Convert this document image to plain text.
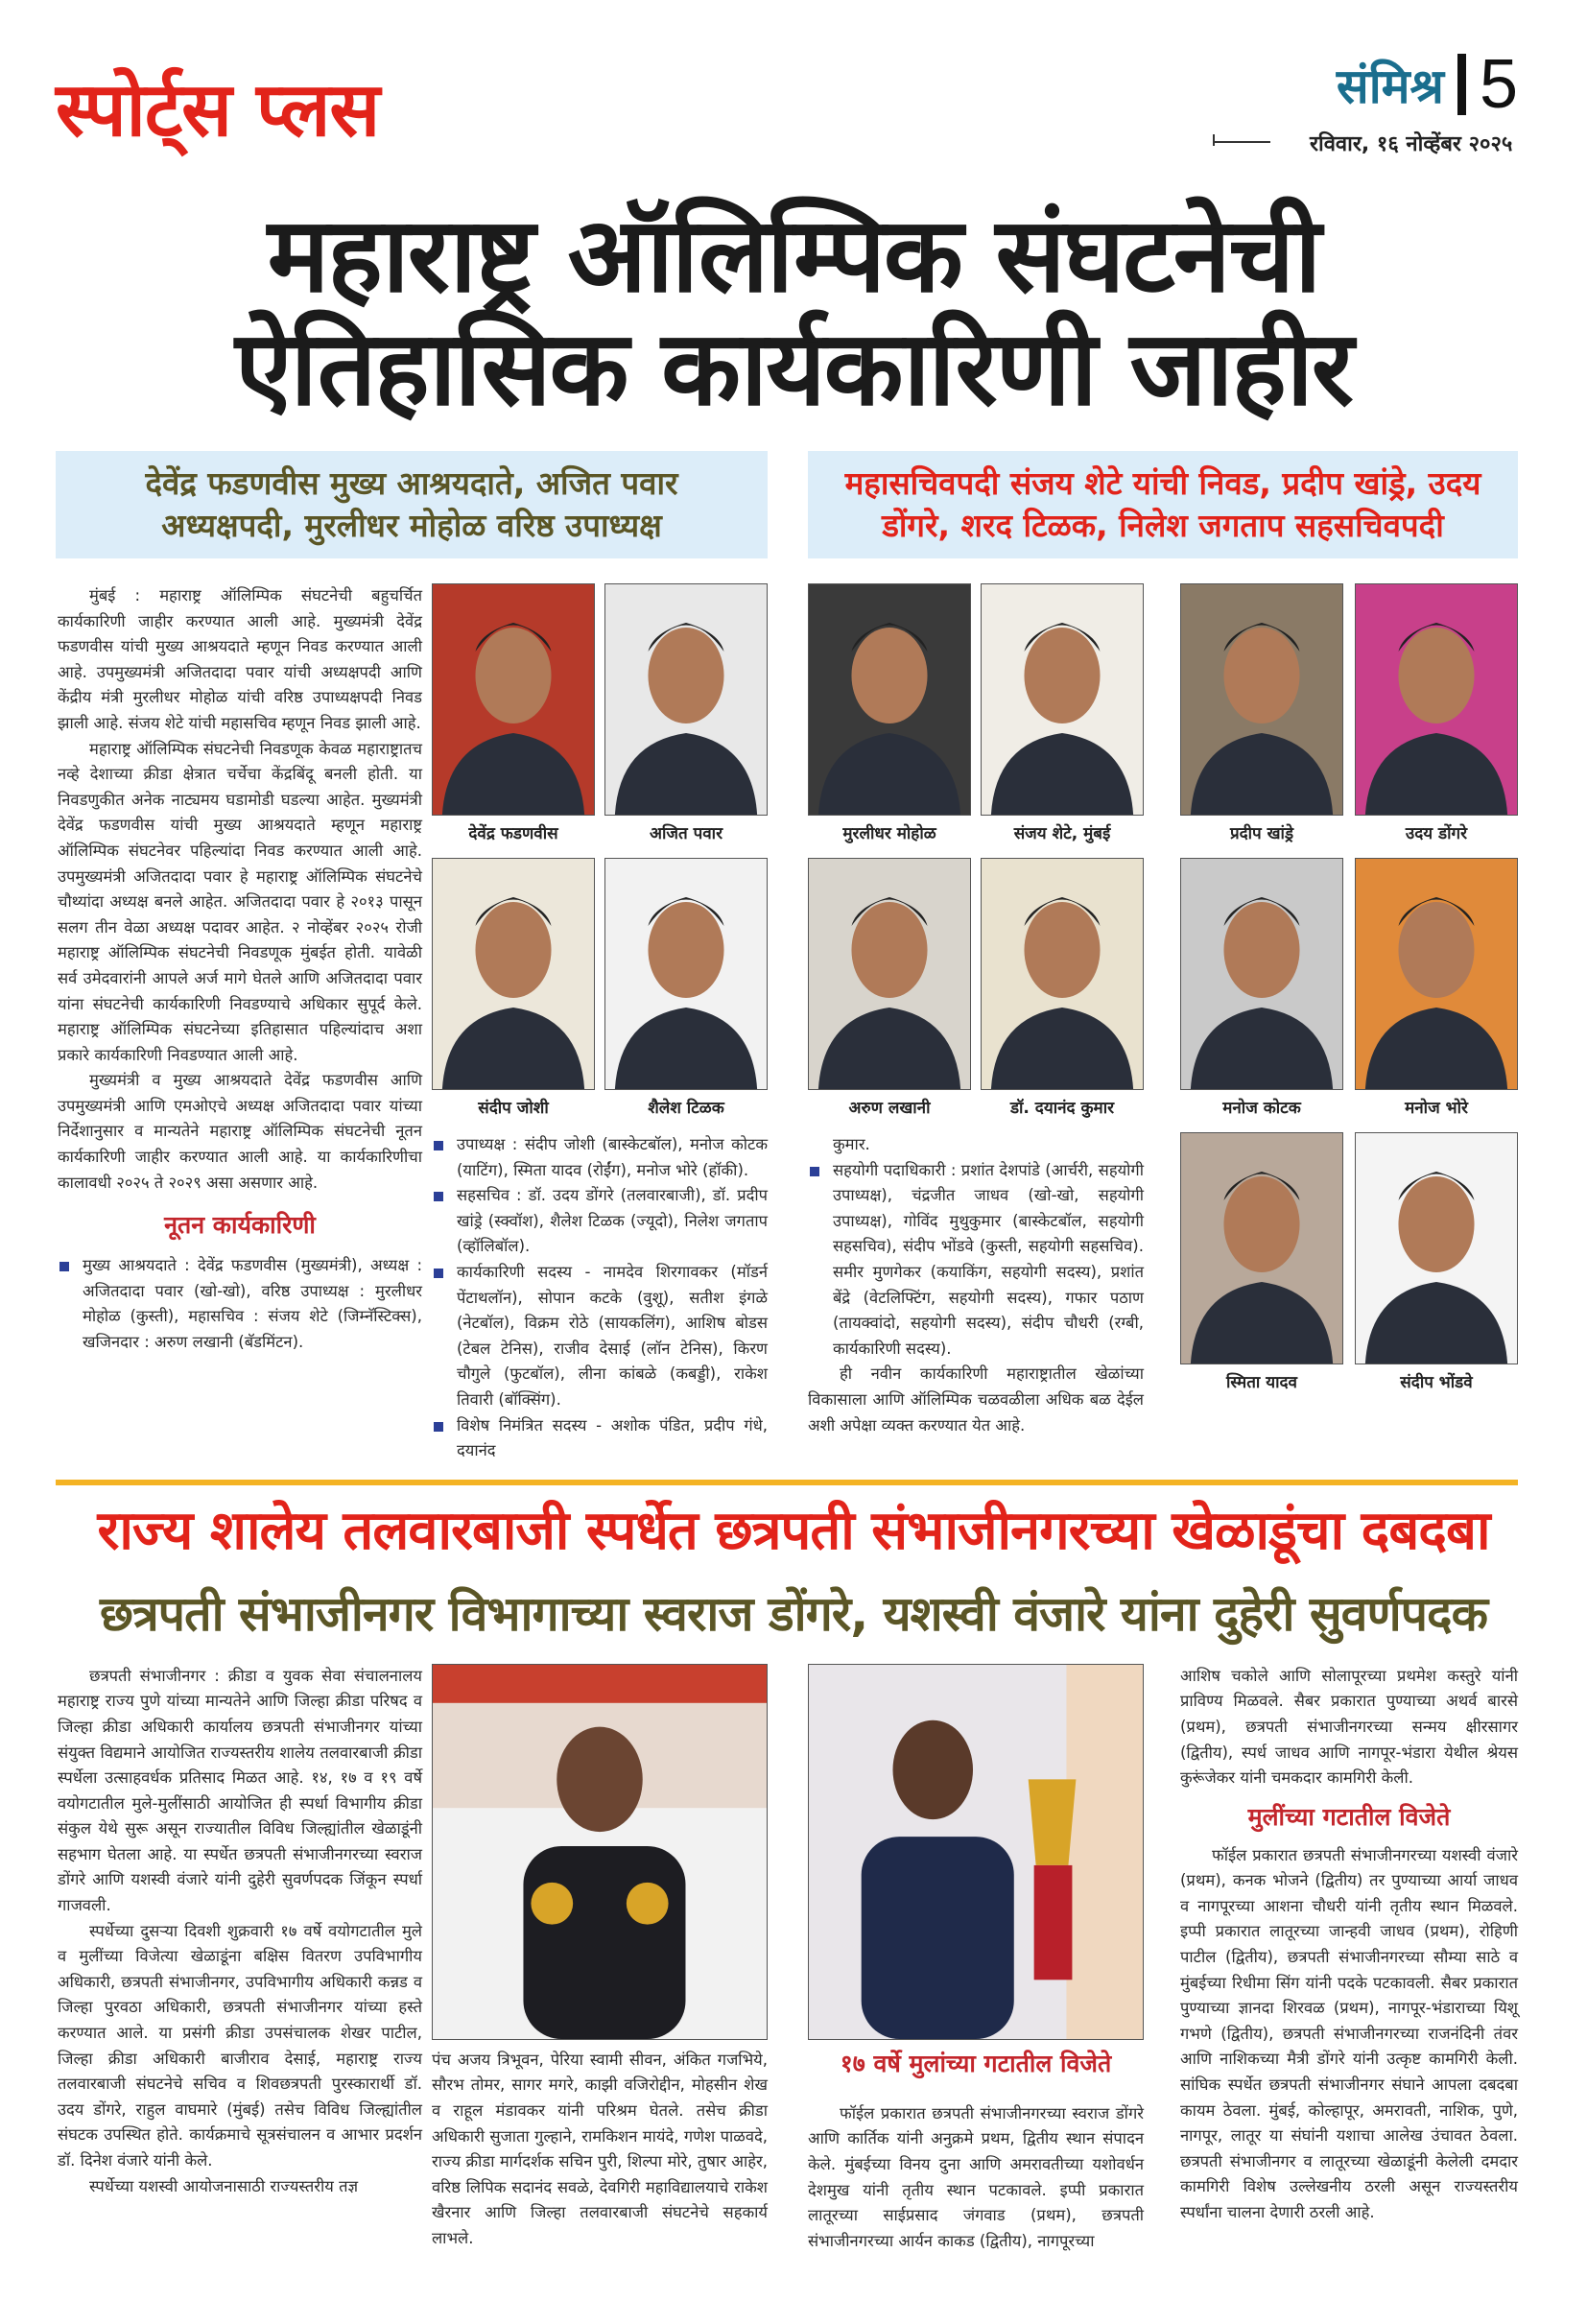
स्पोर्ट्स प्लस	संमिश्र 5
रविवार, १६ नोव्हेंबर २०२५
महाराष्ट्र ऑलिम्पिक संघटनेची
ऐतिहासिक कार्यकारिणी जाहीर
देवेंद्र फडणवीस मुख्य आश्रयदाते, अजित पवार अध्यक्षपदी, मुरलीधर मोहोळ वरिष्ठ उपाध्यक्ष
महासचिवपदी संजय शेटे यांची निवड, प्रदीप खांड्रे, उदय डोंगरे, शरद टिळक, निलेश जगताप सहसचिवपदी

मुंबई : महाराष्ट्र ऑलिम्पिक संघटनेची बहुचर्चित कार्यकारिणी जाहीर करण्यात आली आहे. मुख्यमंत्री देवेंद्र फडणवीस यांची मुख्य आश्रयदाते म्हणून निवड करण्यात आली आहे. उपमुख्यमंत्री अजितदादा पवार यांची अध्यक्षपदी आणि केंद्रीय मंत्री मुरलीधर मोहोळ यांची वरिष्ठ उपाध्यक्षपदी निवड झाली आहे. संजय शेटे यांची महासचिव म्हणून निवड झाली आहे.

महाराष्ट्र ऑलिम्पिक संघटनेची निवडणूक केवळ महाराष्ट्रातच नव्हे देशाच्या क्रीडा क्षेत्रात चर्चेचा केंद्रबिंदू बनली होती. या निवडणुकीत अनेक नाट्यमय घडामोडी घडल्या आहेत. मुख्यमंत्री देवेंद्र फडणवीस यांची मुख्य आश्रयदाते म्हणून महाराष्ट्र ऑलिम्पिक संघटनेवर पहिल्यांदा निवड करण्यात आली आहे. उपमुख्यमंत्री अजितदादा पवार हे महाराष्ट्र ऑलिम्पिक संघटनेचे चौथ्यांदा अध्यक्ष बनले आहेत. अजितदादा पवार हे २०१३ पासून सलग तीन वेळा अध्यक्ष पदावर आहेत. २ नोव्हेंबर २०२५ रोजी महाराष्ट्र ऑलिम्पिक संघटनेची निवडणूक मुंबईत होती. यावेळी सर्व उमेदवारांनी आपले अर्ज मागे घेतले आणि अजितदादा पवार यांना संघटनेची कार्यकारिणी निवडण्याचे अधिकार सुपूर्द केले. महाराष्ट्र ऑलिम्पिक संघटनेच्या इतिहासात पहिल्यांदाच अशा प्रकारे कार्यकारिणी निवडण्यात आली आहे.

मुख्यमंत्री व मुख्य आश्रयदाते देवेंद्र फडणवीस आणि उपमुख्यमंत्री आणि एमओएचे अध्यक्ष अजितदादा पवार यांच्या निर्देशानुसार व मान्यतेने महाराष्ट्र ऑलिम्पिक संघटनेची नूतन कार्यकारिणी जाहीर करण्यात आली आहे. या कार्यकारिणीचा कालावधी २०२५ ते २०२९ असा असणार आहे.

नूतन कार्यकारिणी
मुख्य आश्रयदाते : देवेंद्र फडणवीस (मुख्यमंत्री), अध्यक्ष : अजितदादा पवार (खो-खो), वरिष्ठ उपाध्यक्ष : मुरलीधर मोहोळ (कुस्ती), महासचिव : संजय शेटे (जिम्नॅस्टिक्स), खजिनदार : अरुण लखानी (बॅडमिंटन).
देवेंद्र फडणवीस	अजित पवार
संदीप जोशी	शैलेश टिळक
उपाध्यक्ष : संदीप जोशी (बास्केटबॉल), मनोज कोटक (याटिंग), स्मिता यादव (रोईंग), मनोज भोरे (हॉकी).
सहसचिव : डॉ. उदय डोंगरे (तलवारबाजी), डॉ. प्रदीप खांड्रे (स्क्वॉश), शैलेश टिळक (ज्यूदो), निलेश जगताप (व्हॉलिबॉल).
कार्यकारिणी सदस्य - नामदेव शिरगावकर (मॉडर्न पेंटाथलॉन), सोपान कटके (वुशू), सतीश इंगळे (नेटबॉल), विक्रम रोठे (सायकलिंग), आशिष बोडस (टेबल टेनिस), राजीव देसाई (लॉन टेनिस), किरण चौगुले (फुटबॉल), लीना कांबळे (कबड्डी), राकेश तिवारी (बॉक्सिंग).
विशेष निमंत्रित सदस्य - अशोक पंडित, प्रदीप गंधे, दयानंद
मुरलीधर मोहोळ	संजय शेटे, मुंबई
अरुण लखानी	डॉ. दयानंद कुमार

कुमार.

सहयोगी पदाधिकारी : प्रशांत देशपांडे (आर्चरी, सहयोगी उपाध्यक्ष), चंद्रजीत जाधव (खो-खो, सहयोगी उपाध्यक्ष), गोविंद मुथुकुमार (बास्केटबॉल, सहयोगी सहसचिव), संदीप भोंडवे (कुस्ती, सहयोगी सहसचिव). समीर मुणगेकर (कयाकिंग, सहयोगी सदस्य), प्रशांत बेंद्रे (वेटलिफ्टिंग, सहयोगी सदस्य), गफार पठाण (तायक्वांदो, सहयोगी सदस्य), संदीप चौधरी (रग्बी, कार्यकारिणी सदस्य).

ही नवीन कार्यकारिणी महाराष्ट्रातील खेळांच्या विकासाला आणि ऑलिम्पिक चळवळीला अधिक बळ देईल अशी अपेक्षा व्यक्त करण्यात येत आहे.

प्रदीप खांड्रे	उदय डोंगरे
मनोज कोटक	मनोज भोरे
स्मिता यादव	संदीप भोंडवे
राज्य शालेय तलवारबाजी स्पर्धेत छत्रपती संभाजीनगरच्या खेळाडूंचा दबदबा
छत्रपती संभाजीनगर विभागाच्या स्वराज डोंगरे, यशस्वी वंजारे यांना दुहेरी सुवर्णपदक

छत्रपती संभाजीनगर : क्रीडा व युवक सेवा संचालनालय महाराष्ट्र राज्य पुणे यांच्या मान्यतेने आणि जिल्हा क्रीडा परिषद व जिल्हा क्रीडा अधिकारी कार्यालय छत्रपती संभाजीनगर यांच्या संयुक्त विद्यमाने आयोजित राज्यस्तरीय शालेय तलवारबाजी क्रीडा स्पर्धेला उत्साहवर्धक प्रतिसाद मिळत आहे. १४, १७ व १९ वर्षे वयोगटातील मुले-मुलींसाठी आयोजित ही स्पर्धा विभागीय क्रीडा संकुल येथे सुरू असून राज्यातील विविध जिल्ह्यांतील खेळाडूंनी सहभाग घेतला आहे. या स्पर्धेत छत्रपती संभाजीनगरच्या स्वराज डोंगरे आणि यशस्वी वंजारे यांनी दुहेरी सुवर्णपदक जिंकून स्पर्धा गाजवली.

स्पर्धेच्या दुसऱ्या दिवशी शुक्रवारी १७ वर्षे वयोगटातील मुले व मुलींच्या विजेत्या खेळाडूंना बक्षिस वितरण उपविभागीय अधिकारी, छत्रपती संभाजीनगर, उपविभागीय अधिकारी कन्नड व जिल्हा पुरवठा अधिकारी, छत्रपती संभाजीनगर यांच्या हस्ते करण्यात आले. या प्रसंगी क्रीडा उपसंचालक शेखर पाटील, जिल्हा क्रीडा अधिकारी बाजीराव देसाई, महाराष्ट्र राज्य तलवारबाजी संघटनेचे सचिव व शिवछत्रपती पुरस्कारार्थी डॉ. उदय डोंगरे, राहुल वाघमारे (मुंबई) तसेच विविध जिल्ह्यांतील संघटक उपस्थित होते. कार्यक्रमाचे सूत्रसंचालन व आभार प्रदर्शन डॉ. दिनेश वंजारे यांनी केले.

स्पर्धेच्या यशस्वी आयोजनासाठी राज्यस्तरीय तज्ञ

पंच अजय त्रिभूवन, पेरिया स्वामी सीवन, अंकित गजभिये, सौरभ तोमर, सागर मगरे, काझी वजिरोद्दीन, मोहसीन शेख व राहूल मंडावकर यांनी परिश्रम घेतले. तसेच क्रीडा अधिकारी सुजाता गुल्हाने, रामकिशन मायंदे, गणेश पाळवदे, राज्य क्रीडा मार्गदर्शक सचिन पुरी, शिल्पा मोरे, तुषार आहेर, वरिष्ठ लिपिक सदानंद सवळे, देवगिरी महाविद्यालयाचे राकेश खैरनार आणि जिल्हा तलवारबाजी संघटनेचे सहकार्य लाभले.

१७ वर्षे मुलांच्या गटातील विजेते

फॉईल प्रकारात छत्रपती संभाजीनगरच्या स्वराज डोंगरे आणि कार्तिक यांनी अनुक्रमे प्रथम, द्वितीय स्थान संपादन केले. मुंबईच्या विनय दुना आणि अमरावतीच्या यशोवर्धन देशमुख यांनी तृतीय स्थान पटकावले. इप्पी प्रकारात लातूरच्या साईप्रसाद जंगवाड (प्रथम), छत्रपती संभाजीनगरच्या आर्यन काकड (द्वितीय), नागपूरच्या

आशिष चकोले आणि सोलापूरच्या प्रथमेश कस्तुरे यांनी प्राविण्य मिळवले. सैबर प्रकारात पुण्याच्या अथर्व बारसे (प्रथम), छत्रपती संभाजीनगरच्या सन्मय क्षीरसागर (द्वितीय), स्पर्ध जाधव आणि नागपूर-भंडारा येथील श्रेयस कुरूंजेकर यांनी चमकदार कामगिरी केली.

मुलींच्या गटातील विजेते

फॉईल प्रकारात छत्रपती संभाजीनगरच्या यशस्वी वंजारे (प्रथम), कनक भोजने (द्वितीय) तर पुण्याच्या आर्या जाधव व नागपूरच्या आशना चौधरी यांनी तृतीय स्थान मिळवले. इप्पी प्रकारात लातूरच्या जान्हवी जाधव (प्रथम), रोहिणी पाटील (द्वितीय), छत्रपती संभाजीनगरच्या सौम्या साठे व मुंबईच्या रिधीमा सिंग यांनी पदके पटकावली. सैबर प्रकारात पुण्याच्या ज्ञानदा शिरवळ (प्रथम), नागपूर-भंडाराच्या यिशू गभणे (द्वितीय), छत्रपती संभाजीनगरच्या राजनंदिनी तंवर आणि नाशिकच्या मैत्री डोंगरे यांनी उत्कृष्ट कामगिरी केली. सांघिक स्पर्धेत छत्रपती संभाजीनगर संघाने आपला दबदबा कायम ठेवला. मुंबई, कोल्हापूर, अमरावती, नाशिक, पुणे, नागपूर, लातूर या संघांनी यशाचा आलेख उंचावत ठेवला. छत्रपती संभाजीनगर व लातूरच्या खेळाडूंनी केलेली दमदार कामगिरी विशेष उल्लेखनीय ठरली असून राज्यस्तरीय स्पर्धांना चालना देणारी ठरली आहे.
